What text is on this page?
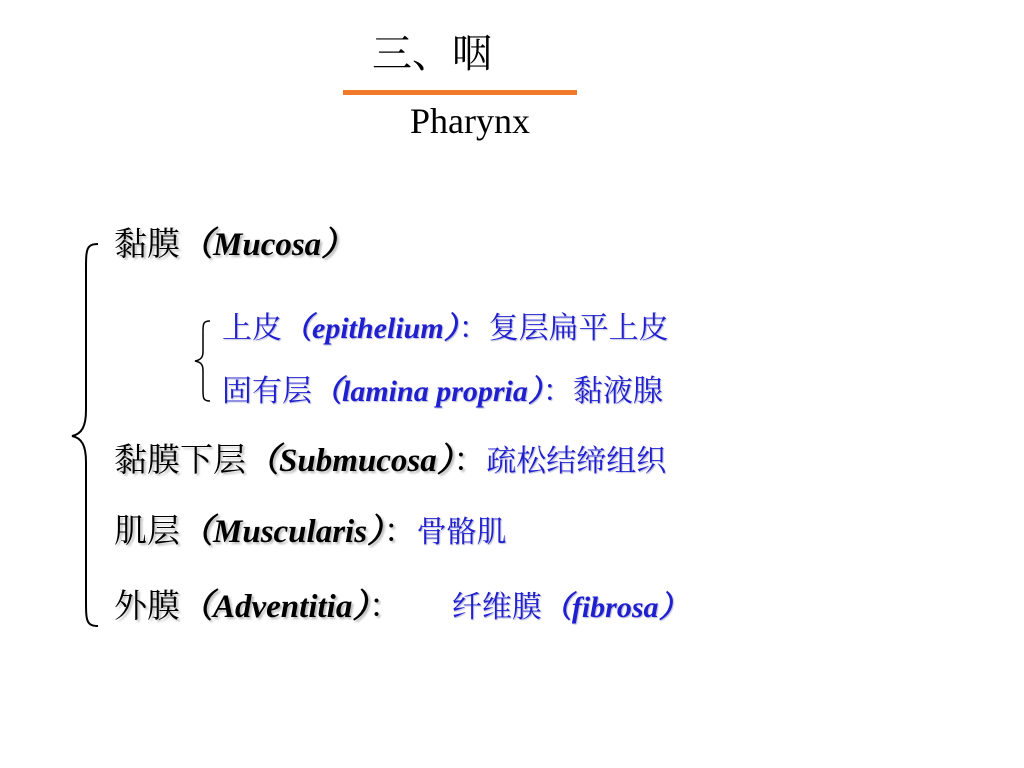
三、咽
Pharynx
黏膜（Mucosa）
上皮（epithelium）：复层扁平上皮
固有层（lamina propria）：黏液腺
黏膜下层（Submucosa）：疏松结缔组织
肌层（Muscularis）：骨骼肌
外膜（Adventitia）： 纤维膜（fibrosa）
